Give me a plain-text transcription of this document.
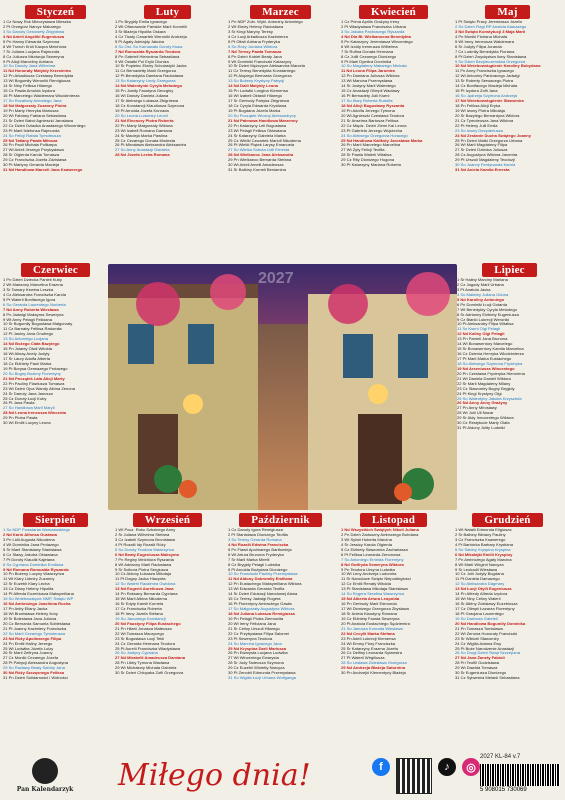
Styczeń
1 Cz Nowy Rok Mieczysława Mieszka
2 Pt Grzegorz Narcyz Makarego
3 So Danuty Genowefy Zbigniewa
4 Nd Anieli Angeliki Eugeniusza
5 Pn Hanny Edwarda Szymona
6 Wt Trzech Króli Kacpra Melchiora
7 Śr Juliana Lucjana Rajmunda
8 Cz Juliusza Mściwoja Seweryna
9 Pt Alicji Marceliny Adriana
10 So Danuty Jana Wilhelma
11 Nd Honoraty Matyldy Krzesimira
12 Pn Arkadiusza Czesławy Benedykta
13 Wt Bogumiły Weroniki Remigiusza
14 Śr Niny Feliksa Hilarego
15 Cz Pawła Arnolda Izydora
16 Pt Marcelego Waldemara Włodzimierza
17 So Rozalindy Antoniego Jana
18 Nd Małgorzaty Zuzanny Piotra
19 Pn Marty Henryka Mariusza
20 Wt Fabiany Fabiana Sebastiana
21 Śr Dzień Babci Agnieszki Jarosława
22 Cz Dzień Dziadka Anastazego Wincentego
23 Pt Marii Ildefonsa Rajmunda
24 So Felicji Rafała Tymoteusza
25 Nd Tatiany Pawła Miłosza
26 Pn Pauli Michała Polikarpa
27 Wt Anieli Jerzego Przybysława
28 Śr Olgierda Karola Tomasza
29 Cz Franciszka Józefa Zdzisława
30 Pt Martyny Gerarda Macieja
31 Nd Handlowa Marceli Jana Ksawerego
Luty
1 Pn Brygidy Emila Ignacego
2 Wt Ofiarowanie Pańskie Marii Korneliii
3 Śr Błażeja Hipolita Oskara
4 Cz Tłusty Czwartek Weroniki Andrzeja
5 Pt Agaty Adelajdy Jakuba
6 So Ost. So Karnawału Doroty Ksaw.
7 Nd Romualda Ryszarda Teodora
8 Pn Gabrieli Hieronima Sebastiana
9 Wt Ostatki Pol Eryki Dionizа
10 Śr Popielec Elwiry Scholastyki Jacka
11 Cz Bernadetty Marii Grzegorza
12 Pt Benedykta Damiana Radosława
13 So Katarzyny Lindy Grzegorza
14 Nd Walentynki Cyryla Metodego
15 Pn Jowity Faustyna Georginy
16 Wt Danuty Daniela Juliana
17 Śr Aleksego Łukasza Zbigniewa
18 Cz Konstancji Klaudiusza Szymona
19 Pt Arnolda Józefa Konrada
20 So Leona Ludomiry Leonii
21 Nd Eleonory Piotra Roberta
22 Pn Marty Małgorzaty Wiktora
23 Wt Izabeli Romana Damiana
24 Śr Macieja Marka Pawlina
25 Cz Cezarego Donata Modesta
26 Pt Mirosława Aleksandra Aleksandra
27 So Anny Anastazji Gabriela
28 Nd Józefa Lecha Romana
Marzec
1 Pn NDP Żołn. Wykl. Antoniny Antoniego
2 Wt Elwiry Heleny Radosława
3 Śr Kingi Maryny Teresy
4 Cz Łucji Arkadiusza Kazimierza
5 Pt Oliwii Adriana Fryderyka
6 So Róży Jordana Wiktora
7 Nd Teresy Pawła Tomasza
8 Pn Dzień Kobiet Beaty Jana
9 Wt Dominiki Franciszki Katarzyny
10 Śr Dzień Mężczyzn Aleksandra Marcela
11 Cz Teresy Benedykta Konstantego
12 Pt Alojzego Bernarda Grzegorza
13 So Bożeny Krystyny Patrycji
14 Nd Dalii Matyldy Leona
15 Pn Ludwiki Longina Klemensa
16 Wt Izabeli Oktawii Hilarego
17 Śr Gertrudy Patryka Zbigniewa
18 Cz Cyryla Edwarda Krystiana
19 Pt Bogdana Józefa Marka
20 So Początek Wiosny Aleksandryny
21 Nd Palmowa Handlowa Marzenny
22 Pn Katarzyny Leii Bogusława
23 Wt Pelagii Feliksa Oktawiana
24 Śr Katarzyny Gabriela Marka
25 Cz Wielki Czwartek Marioli Nikodema
26 Pt Wielki Piątek Larysy Emanuela
27 So Wielka Sobota Lidii Ernesta
28 Nd Wielkanoc Jana Aleksandra
29 Pn Wielkanoc Bernarda Stefana
30 Wt Anieli Amelii Amadeusza
31 Śr Balbiny Korneli Beniamina
Kwiecień
1 Cz Prima Aprilis Grażyny Ireny
2 Pt Władysława Franciszka Urbana
3 So Jakuba Pankracego Ryszarda
4 Nd Dla Bł. Wielkanocna Benedykta
5 Pn Katarzyny Jeremiasza Wincentego
6 Wt Izoldy Ireneusza Wilhelma
7 Śr Rufina Donata Hermana
8 Cz Juliii Cezarego Dionizego
9 Pt Marii Dymitra Dominika
10 So Magdaleny Makarego Michała
11 Nd Leona Filipa Jaromira
12 Pn Damiana Juliusza Wiktora
13 Wt Marcina Przemysława
14 Śr Justyny Marii Walentego
15 Cz Anastazji Olimpii Wacławy
16 Pt Bernadety Julii Kseni
17 So Klary Roberta Rudolfa
18 Nd Alicji Bogusławy Ryszarda
19 Pn Adolfa Jerzego Tymona
20 Wt Agnieszki Czesława Teodora
21 Śr Anselma Bartosza Feliksa
22 Cz Międz. Dzień Ziemi Kai Leona
23 Pt Gabriela Jerzego Wojciecha
24 So Aleksego Grzegorza Horacego
25 Nd Handlowa Kaliksty Jarosława Marka
26 Pn Marii Marcelego Marcelina
27 Wt Zyty Felicji Teofila
28 Śr Pawła Walerii Witalisa
29 Cz Rity Dionizego Hugona
30 Pt Katarzyny Mariana Roberta
Maj
1 Pt Święto Pracy Jeremiasza Józefa
2 So Dzień Flagi RP Anatola Atanazego
3 Nd Święto Konstytucji 3 Maja Marii
4 Pn Moniki Floriana Michała
5 Wt Ireny Ireneusza Waldemara
6 Śr Judyty Filipa Jurandа
7 Cz Ludmiły Benedykta Floriana
8 Pt Dzień Zwycięstwa Ilony Stanisława
9 So Dzień Bezpieczeństwa Grzegorza
10 Nd Wniebowstąpienie Karoliny Bobydana
11 Pn Anny Franciszka Ignacego
12 Wt Antoniny Pankracego Jadwigi
13 Śr Roberty Serwacego Piotra
14 Cz Bonifacego Macieja Michała
15 Pt Izydora Zofii Jana
16 So Jędrzeja Szymona Andrzeja
17 Nd Wniebowstąpienie Sławomira
18 Pn Feliksa Alicji Eryka
19 Wt Iwony Piotra Mikołaja
20 Śr Bazylego Bernardyna Wiktora
21 Cz Tymoteusza Jana Wiktora
22 Pt Heleny Julii Emila
23 So Iwony Dezyderiusza
24 Nd Zesłanie Ducha Świętego Joanny
25 Pn Dzień Matki Grzegorza Urbana
26 Wt Marii Magdaleny Filipa
27 Śr Dzień Dziecka Juliusza
28 Cz Augustyna Wiktora Jaromira
29 Pt Urszuli Magdaleny Teodozji
30 So Joanny Ferdynanda Karola
31 Nd Aniela Kamila Ernesta
Czerwiec
1 Pn Dzień Dziecka Panieli Kuby
2 Wt Marianny Marcelina Erazma
3 Śr Tamary Kewina Leszka
4 Cz Aleksandra Franciszka Karola
5 Pt Walerii Bonifacego Igora
6 So Gerarda Laurentego Norberta
7 Nd Anny Roberta Wiesława
8 Pn Jadwigi Maksyma Seweryna
9 Wt Anny Pelagii Feliciana
10 Śr Bogumiły Boguslawa Małgorzaty
11 Cz Barnaby Feliksa Radomiła
12 Pt Janiny Jana Onufrego
13 So Antoniego Lucjana
14 Nd Bożego Ciała Bazylego
15 Pn Jolanty Olwii Witolda
16 Wt Alinay Anety Judyty
17 Śr Laury Adolfa Alberta
18 Cz Elżbiety Pauli Marka
19 Pt Borysa Gerwazego Protazego
20 So Bogny Bożeny Florentyny
21 Nd Początek Lata Alicji Marty
22 Pn Pauliny Flawiusza Tomasza
23 Wt Dzień Ojca Wandy Albina Zenona
24 Śr Danuty Jana Janusza
25 Cz Doroty Łucji Kuby
26 Pt Jana Pawła
27 So Handlowa Marii Maryli
28 Nd Leona Ireneusza Wincenta
29 Pn Piotra Pawła
30 Wt Emilii Lucyny Leona
Lipiec
1 Śr Haliny Marciny Mariana
2 Cz Jagody Marii Urbana
3 Pt Anatola Jacka
4 So Malwiny Juliana Odona
5 Nd Karoliny Antoniego
6 Pn Dominiki Łucji Gotarda
7 Wt Benedykty Cyryla Metodego
8 Śr Adrianny Elżbiety Eugeniusza
9 Cz Blanki Lukrecji Weroniki
10 Pt Aleksandry Filipa Witalisa
11 So Kseni Olgi Pelagii
12 Nd Kaliny Olgi Pelagii
13 Pn Pameli Jana Brunona
14 Wt Bonawentury Marcelego
15 Śr Bonawentury Kamila Marcelina
16 Cz Dzienia Henryka Włodzimierza
17 Pt Marii Marka Eustachego
18 So Aleksego Szymona Fryderyka
19 Nd Arseniusza Wincentego
20 Pn Czesława Fryderyka Hieronima
21 Wt Daniela Danieli Wiktora
22 Śr Marii Magdaleny Milany
23 Cz Sławomiry Bogny Brygidy
24 Pt Kingi Krystyny Olgi
25 So Walentyny Jakuba Krzysztofa
26 Nd Anny Anny Grażyny
27 Pn Anny Mirosławy
28 Wt Julii Uli Nazar
29 Śr Aidy Innocentego Wiktora
30 Cz Restytucie Marty Olafa
31 Pt Aldony Julity Ludwiki
Sierpień
1 So NDP Powstania Warszawskiego
2 Nd Karin Alfonsa Gustawa
3 Pn Lidii Augusta Nikodema
4 Wt Dominika Jana Protazego
5 Śr Marii Stanisławy Stanisława
6 Cz Sławy Jakuba Oktawiana
7 Pt Doroty Klaudiii Kajetana
8 So Cypriana Dominika Emiliana
9 Nd Romana Romualda Ryszarda
10 Pn Bożeny Lucyny Wawrzyńca
11 Wt Klary Lidmiry Zuzanny
12 Śr Euzebii Klary Lecha
13 Cz Diany Heleny Hipolita
14 Pt Alfreda Euzebiusza Maksymiliana
15 So Wniebowzięcie NMP, Święto WP
16 Nd Ambrożego Joachima Rocha
17 Pn Anity Eliany Jacka
18 Wt Bronisława Heleny Ilony
19 Śr Bolesława Jana Juliana
20 Cz Bernarda Samuela Sobiesława
21 Pt Joanny Kazimiery Franciszka
22 So Marii Cezarego Tymoteusza
23 Nd Róży Apolinarego Filipa
24 Pn Emilii Haliny Jerzego
25 Wt Ludwika Józefa Luizy
26 Śr Marii Zefiryna Joanny
27 Cz Moniki Cezarego Józefa
28 Pt Patrycji Aleksandra Augustyna
29 So Racławy Beaty Sabiny Jana
30 Nd Róży Szczęsnego Feliksa
31 Pn Dzień Solidarności i Wolności
Wrzesień
1 Wt Pocz. Roku Szkolnego Anny
2 Śr Juliana Wilhelma Stefana
3 Cz Izabeli Szymona Bronisława
4 Pt Rozalii Idy Rozalii Róży
5 So Doroty Teodora Wawrzyńca
6 Nd Beaty Eugeniusza Maksyma
7 Pn Reginy Melchiora Ryszarda
8 Wt Adrianny Marii Radosława
9 Śr Ścibora Piotra Sergiusza
10 Cz Aldony Łukasza Mikołaja
11 Pt Dagny Jacka Hiacynta
12 So Walerii Radzimira Gwidona
13 Nd Eugenii Aureliusza Jana
14 Pn Roksany Bernarda Cypriana
15 Wt Marii Albina Nikodema
16 Śr Edyty Kamili Kornela
17 Cz Franciszka Roberta
18 Pt Ireny Józefa Stefana
19 So Januarego Konstancji
20 Nd Faustyny Filipa Eustachego
21 Pn Hilarii Jonasza Mateusza
22 Wt Tomasza Maurycego
23 Śr Bogusława Lucji Tekli
24 Cz Gerarda Hermana Teodora
25 Pt Aurelii Franciszka Władysława
26 So Justyny Cypriana
27 Nd Mirabelli Amadeusza Damiana
28 Pn Libby Tymona Wacława
29 Wt Michalиny Michała Gabriela
30 Śr Dzień Chłopaka Zofii Grzegorza
Październik
1 Cz Danuty Igora Remigiusza
2 Pt Stanisława Dionizego Teofila
3 So Teresy Gerarda Romana
4 Nd Rozalii Edwina Franciszka
5 Pn Flawii Apolinarego Bartłomieja
6 Wt Artura Brunona Fryderyka
7 Śr Marii Marka Mirelli
8 Cz Brygidy Pelagii Ludwika
9 Pt Arnolda Bożydara Dionizego
10 So Franciszki Pauliny Przemysława
11 Nd Aldony Dobromiły Emiliana
12 Pn Eustachego Maksymiliana Wiktora
13 Wt Edwarda Gerarda Teofila
14 Śr Dzień Edukacji Narodowej Alana
15 Cz Teresy Jadwigi Rogera
16 Pt Florentyny Ambrożego Gawła
17 So Małgorzaty Augustyna Wiktora
18 Nd Juliana Łukasza Remigiusza
19 Pn Pelagii Piotra Ziemowita
20 Wt Ireny Feliciana Jana
21 Śr Celiny Urszuli Hilarego
22 Cz Przybysława Filipa Salomei
23 Pt Seweryna Teodora
24 So Marcina Ignacego Jana
25 Nd Kryspina Darii Mariusza
26 Pn Ewarysta Lucjana Ludwika
27 Wt Wincentego Ewarysta
28 Śr Judy Tadeusza Szymona
29 Cz Euzebii Wioletty Narcyza
30 Pt Zenobii Edmunda Przemysława
31 So Wigilia Łucji Urbana Wolfganga
Listopad
1 Nd Wszystkich Świętych Nikoli Juliana
2 Pn Dzień Zaduszny Ambrożego Bohdana
3 Wt Sylwii Huberta Marcina
4 Śr Jessicy Karola Olgierda
5 Cz Elżbiety Sławomira Zachariasza
6 Pt Feliksa Leonarda Zenonowa
7 So Antoniego Ernesta Florentyny
8 Nd Gotfryda Seweryna Wiktora
9 Pn Teodora Ursyna Ludwika
10 Wt Leny Andrzeja Ludomira
11 Śr Narodowe Święto Niepodległości
12 Cz Emilii Renaty Witolda
13 Pt Stanisława Mikołaja Stanisława
14 So Rogera Serafina Wawrzyńca
15 Nd Alberta Artura Leopolda
16 Pn Gertrudy Marii Edmunda
17 Wt Dionizego Grzegorza Zbysława
18 Śr Aniela Klaudyny Romana
19 Cz Elżbiety Faustа Seweryna
20 Pt Anatola Eustachiego Sędziemira
21 So Janusza Konrada Wiesława
22 Nd Cecylii Marka Stefana
23 Pn Adeli Lukrecji Klemensa
24 Wt Emmy Flory Franciszka
25 Śr Katarzyny Erazma Józefa
26 Cz Delfiny Leonarda Sylwestra
27 Pt Walerii Wirgiliusza
28 So Lesława Zdzisława Grzegorza
29 Nd Andrzeja Błażeja Saturnina
30 Pn Andrzejki Klementyny Błażeja
Grudzień
1 Wt Natalii Edmunda Eligiusza
2 Śr Balbiny Bibiany Pauliny
3 Cz Franciszka Ksawerego
4 Pt Barbórka Barbary Krystiana
5 So Sabiny Kryspina Kryspina
6 Nd Mikołajki Emilii Kryspiny
7 Pn Ambrożego Agaty Marcina
8 Wt Marii Wirginii Narcyza
9 Śr Leokadii Wiesława
10 Cz Julii Judyty Bogdana
11 Pt Daniela Damazego
12 So Aleksandra Dagmary
13 Nd Łucji Otylii Eugeniusza
14 Pn Alfredy Alfreda Izydora
15 Wt Niny Celiny Walerii
16 Śr Albiny Zdzisławy Euzebiusza
17 Cz Olimpii Łazarza Florentyny
18 Pt Gracjana Laurentego
19 So Dariusza Gabrieli
20 Nd Handlowa Bogumiły Dominika
21 Pn Tomasza Tomisława
22 Wt Zenona Honoraty Franciszki
23 Śr Wiktorii Sławomiry
24 Cz Wigilia Adama Ewy
25 Pt Boże Narodzenie Anastazji
26 So Drugi Dzień Świąt Szczepana
27 Nd Jana Żanety Fabioli
28 Pn Teofili Godzisława
29 Wt Dawida Tomasza
30 Śr Eugeniusza Dionizego
31 Cz Sylwestra Melanii Sebastiana
2027
Pan Kalendarzyk Miłego dnia!	f	♪	◎
2027 KL-84 v.7
5 908015 730069
